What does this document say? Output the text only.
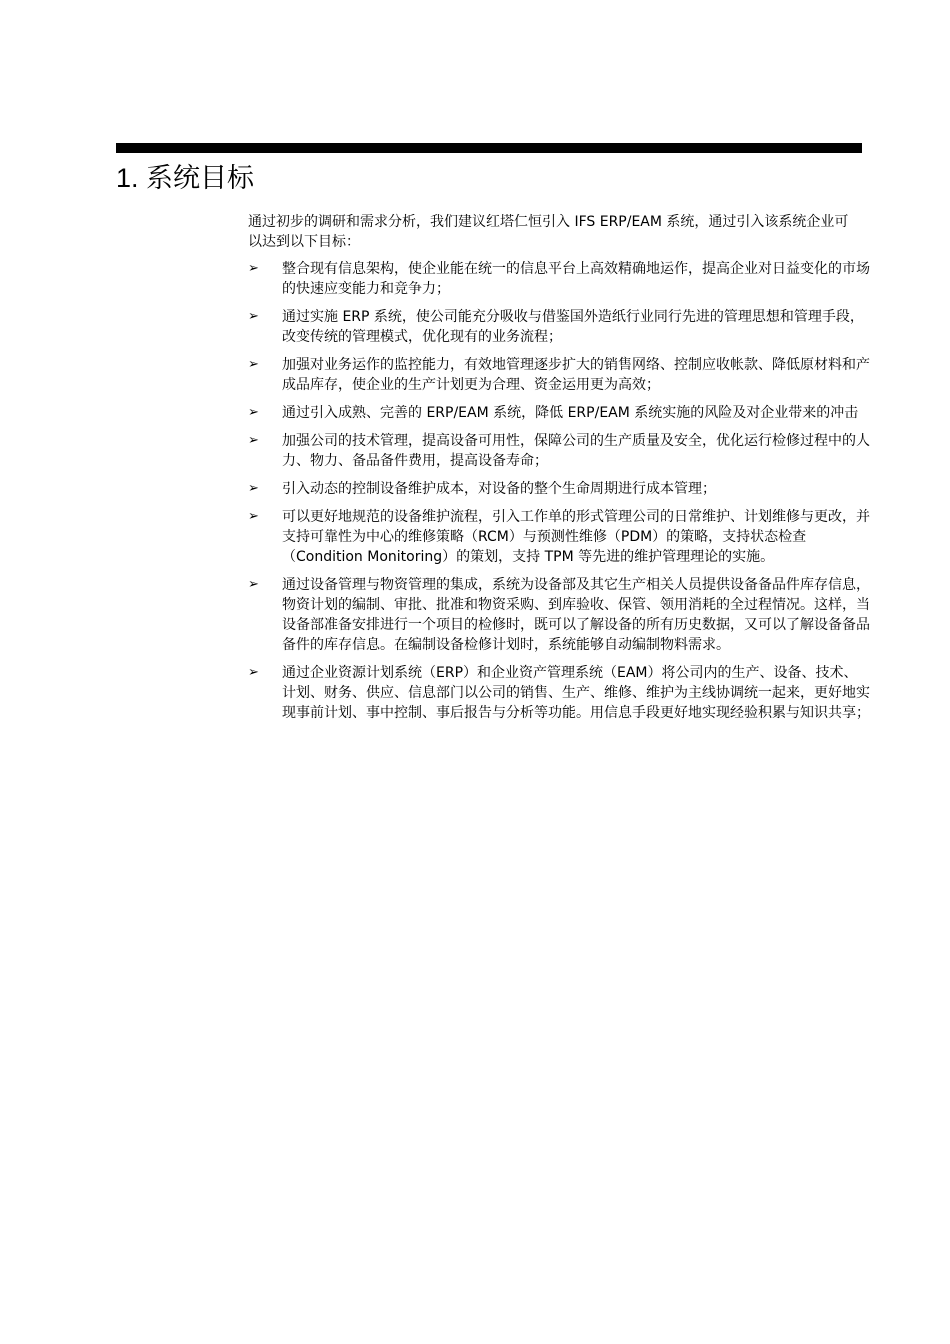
1. 系统目标

通过初步的调研和需求分析，我们建议红塔仁恒引入 IFS ERP/EAM 系统，通过引入该系统企业可以达到以下目标：

➢ 整合现有信息架构，使企业能在统一的信息平台上高效精确地运作，提高企业对日益变化的市场的快速应变能力和竞争力；
➢ 通过实施 ERP 系统，使公司能充分吸收与借鉴国外造纸行业同行先进的管理思想和管理手段，改变传统的管理模式，优化现有的业务流程；
➢ 加强对业务运作的监控能力，有效地管理逐步扩大的销售网络、控制应收帐款、降低原材料和产成品库存，使企业的生产计划更为合理、资金运用更为高效；
➢ 通过引入成熟、完善的 ERP/EAM 系统，降低 ERP/EAM 系统实施的风险及对企业带来的冲击
➢ 加强公司的技术管理，提高设备可用性，保障公司的生产质量及安全，优化运行检修过程中的人力、物力、备品备件费用，提高设备寿命；
➢ 引入动态的控制设备维护成本，对设备的整个生命周期进行成本管理；
➢ 可以更好地规范的设备维护流程，引入工作单的形式管理公司的日常维护、计划维修与更改，并支持可靠性为中心的维修策略（RCM）与预测性维修（PDM）的策略，支持状态检查（Condition Monitoring）的策划，支持 TPM 等先进的维护管理理论的实施。
➢ 通过设备管理与物资管理的集成，系统为设备部及其它生产相关人员提供设备备品件库存信息，物资计划的编制、审批、批准和物资采购、到库验收、保管、领用消耗的全过程情况。这样，当设备部准备安排进行一个项目的检修时，既可以了解设备的所有历史数据，又可以了解设备备品备件的库存信息。在编制设备检修计划时，系统能够自动编制物料需求。
➢ 通过企业资源计划系统（ERP）和企业资产管理系统（EAM）将公司内的生产、设备、技术、计划、财务、供应、信息部门以公司的销售、生产、维修、维护为主线协调统一起来，更好地实现事前计划、事中控制、事后报告与分析等功能。用信息手段更好地实现经验积累与知识共享；
